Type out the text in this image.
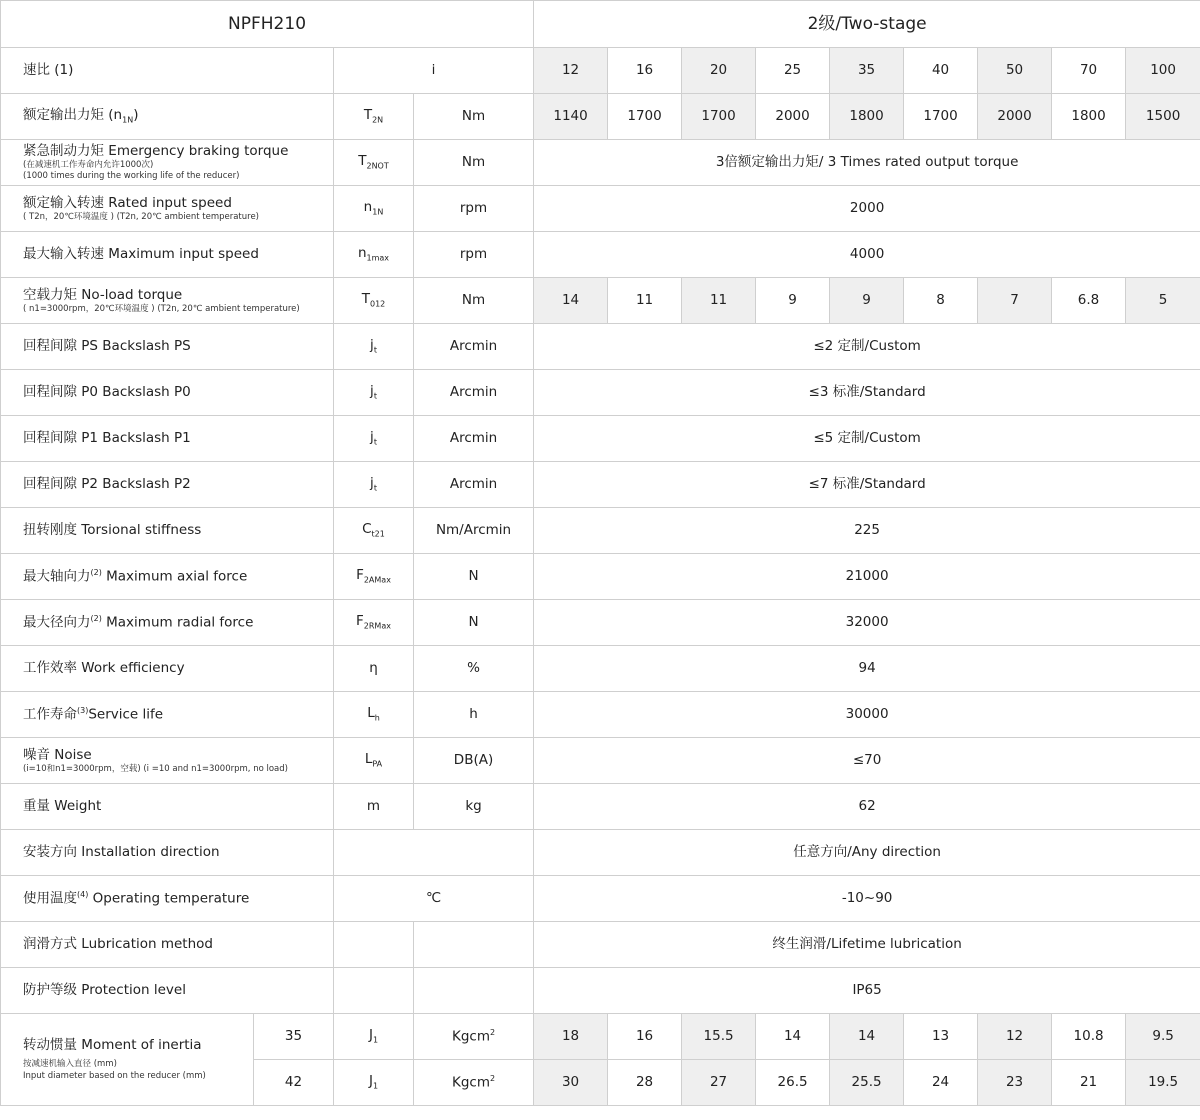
NPFH210				2级/Two-stage								
速比 (1)		i		12	16	20	25	35	40	50	70	100
额定输出力矩 $(n_{1N})$		$T_{2N}$	Nm	1140	1700	1700	2000	1800	1700	2000	1800	1500

紧急制动力矩 Emergency braking torque
(在减速机工作寿命内允许1000次)
(1000 times during the working life of the reducer)		$T_{2NOT}$	Nm	3倍额定输出力矩/ 3 Times rated output torque								

额定输入转速 Rated input speed
( T2n，20℃环境温度 ) (T2n, 20℃ ambient temperature)		$n_{1N}$	rpm	2000								
最大输入转速 Maximum input speed		$n_{1max}$	rpm	4000								

空载力矩 No-load torque
( n1=3000rpm，20℃环境温度 ) (T2n, 20℃ ambient temperature)		$T_{012}$	Nm	14	11	11	9	9	8	7	6.8	5
回程间隙 PS Backslash PS		$j_t$	Arcmin	≤2 定制/Custom								
回程间隙 P0 Backslash P0		$j_t$	Arcmin	≤3 标准/Standard								
回程间隙 P1 Backslash P1		$j_t$	Arcmin	≤5 定制/Custom								
回程间隙 P2 Backslash P2		$j_t$	Arcmin	≤7 标准/Standard								
扭转刚度 Torsional stiffness		$C_{t21}$	Nm/Arcmin	225								
最大轴向力$^{(2)}$ Maximum axial force		$F_{2AMax}$	N	21000								
最大径向力$^{(2)}$ Maximum radial force		$F_{2RMax}$	N	32000								
工作效率 Work efficiency		η	%	94								
工作寿命$^{(3)}$Service life		$L_h$	h	30000								

噪音 Noise
(i=10和n1=3000rpm，空载) (i =10 and n1=3000rpm, no load)		$L_{PA}$	DB(A)	≤70								
重量 Weight		m	kg	62								
安装方向 Installation direction				任意方向/Any direction								
使用温度$^{(4)}$ Operating temperature		℃		-10~90								
润滑方式 Lubrication method				终生润滑/Lifetime lubrication								
防护等级 Protection level				IP65								

转动惯量 Moment of inertia
按减速机输入直径 (mm)
Input diameter based on the reducer (mm)	35	$J_1$	Kgcm$^2$	18	16	15.5	14	14	13	12	10.8	9.5
	42	$J_1$	Kgcm$^2$	30	28	27	26.5	25.5	24	23	21	19.5
